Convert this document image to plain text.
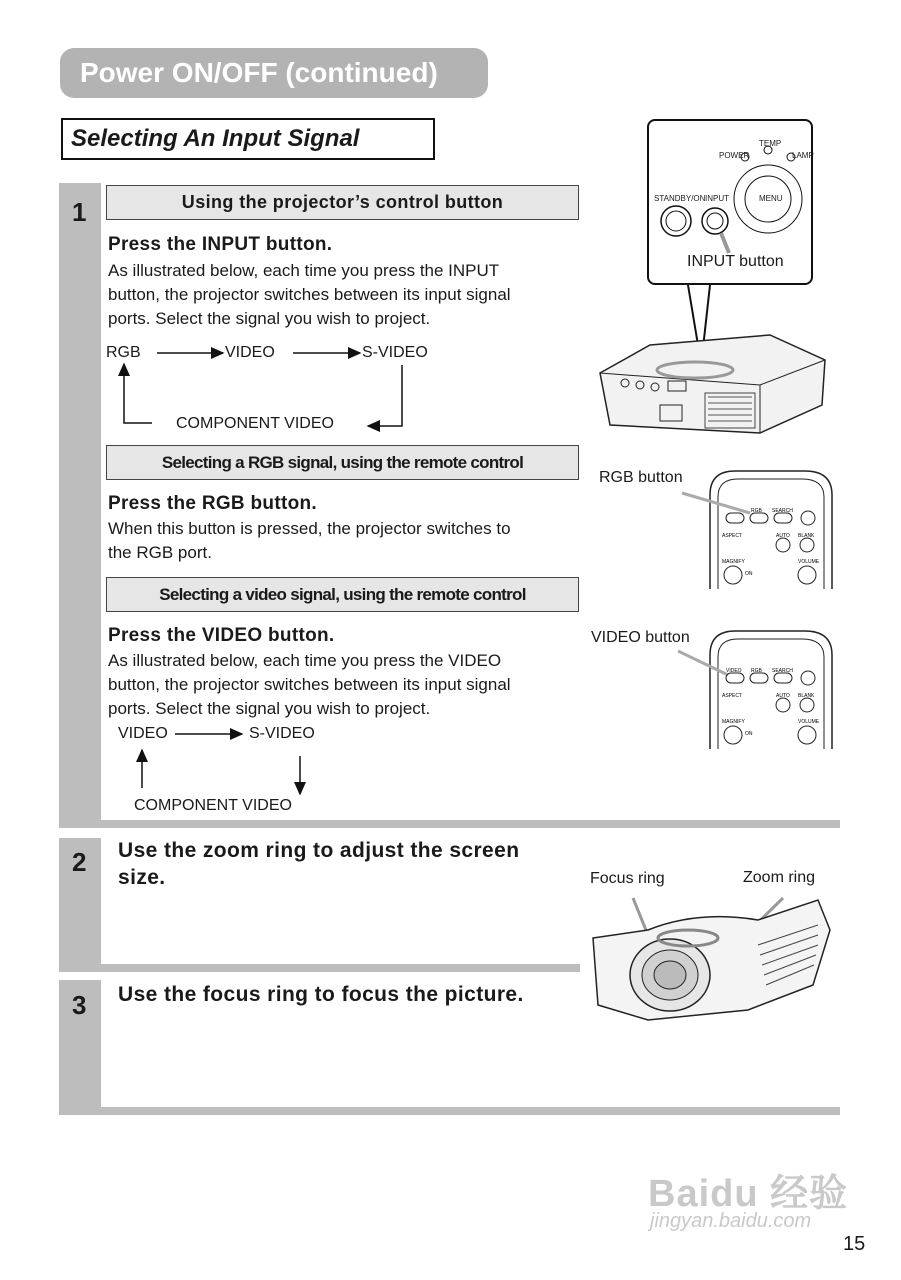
Power ON/OFF (continued)
Selecting An Input Signal
1
2
3
Using the projector’s control button
Press the INPUT button.
As illustrated below, each time you press the INPUT
button, the projector switches between its input signal
ports. Select the signal you wish to project.
RGB	VIDEO	S-VIDEO
COMPONENT VIDEO
Selecting a RGB signal, using the remote control
Press the RGB button.
When this button is pressed, the projector switches to
the RGB port.
Selecting a video signal, using the remote control
Press the VIDEO button.
As illustrated below, each time you press the VIDEO
button, the projector switches between its input signal
ports. Select the signal you wish to project.
VIDEO	S-VIDEO
COMPONENT VIDEO
Use the zoom ring to adjust the screen
size.
Use the focus ring to focus the picture.
TEMP
POWER	LAMP
STANDBY/ON INPUT	MENU
INPUT button
RGB button
RGB SEARCH
ASPECT	AUTO BLANK
MAGNIFY
ON
VOLUME
VIDEO button
VIDEO RGB SEARCH
ASPECT	AUTO BLANK
MAGNIFY
ON
VOLUME
Focus ring	Zoom ring
Baidu 经验
jingyan.baidu.com
15
